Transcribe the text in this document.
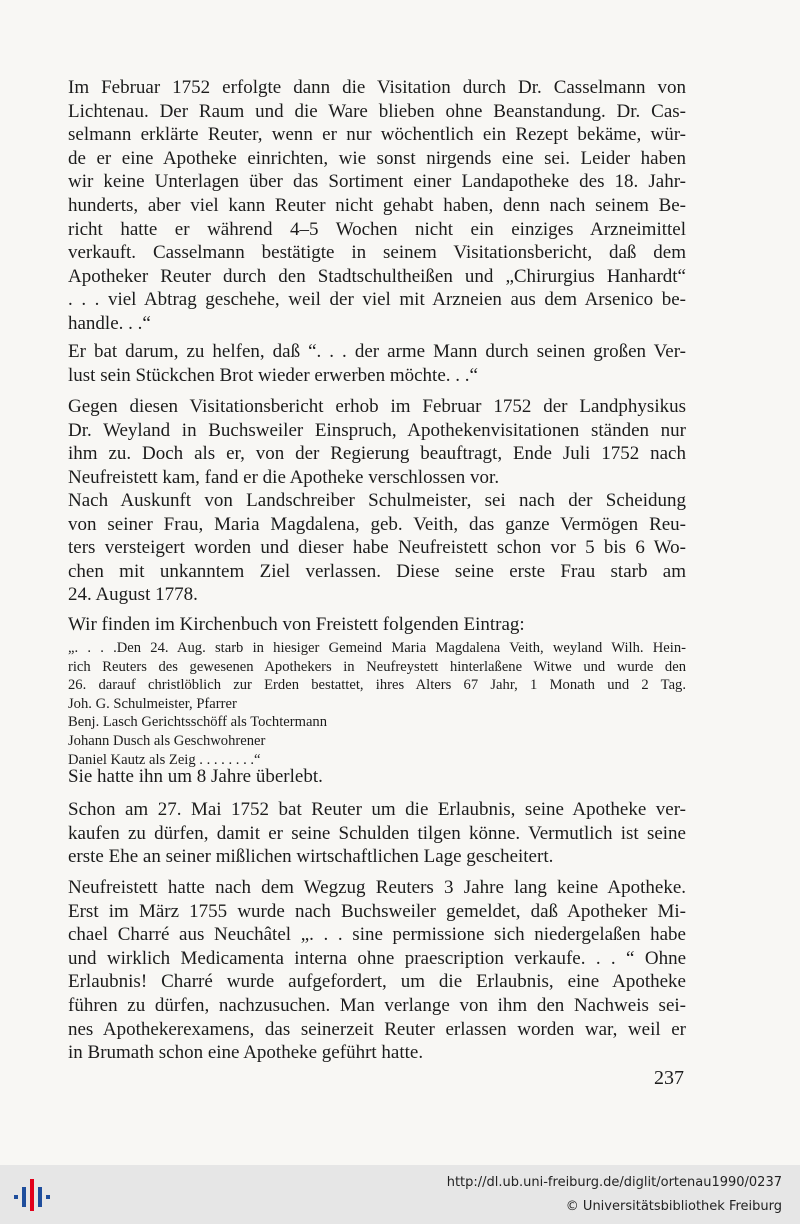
Im Februar 1752 erfolgte dann die Visitation durch Dr. Casselmann von
Lichtenau. Der Raum und die Ware blieben ohne Beanstandung. Dr. Cas-
selmann erklärte Reuter, wenn er nur wöchentlich ein Rezept bekäme, wür-
de er eine Apotheke einrichten, wie sonst nirgends eine sei. Leider haben
wir keine Unterlagen über das Sortiment einer Landapotheke des 18. Jahr-
hunderts, aber viel kann Reuter nicht gehabt haben, denn nach seinem Be-
richt hatte er während 4–5 Wochen nicht ein einziges Arzneimittel
verkauft. Casselmann bestätigte in seinem Visitationsbericht, daß dem
Apotheker Reuter durch den Stadtschultheißen und „Chirurgius Hanhardt“
. . . viel Abtrag geschehe, weil der viel mit Arzneien aus dem Arsenico be-
handle. . .“

Er bat darum, zu helfen, daß “. . . der arme Mann durch seinen großen Ver-
lust sein Stückchen Brot wieder erwerben möchte. . .“

Gegen diesen Visitationsbericht erhob im Februar 1752 der Landphysikus
Dr. Weyland in Buchsweiler Einspruch, Apothekenvisitationen ständen nur
ihm zu. Doch als er, von der Regierung beauftragt, Ende Juli 1752 nach
Neufreistett kam, fand er die Apotheke verschlossen vor.

Nach Auskunft von Landschreiber Schulmeister, sei nach der Scheidung
von seiner Frau, Maria Magdalena, geb. Veith, das ganze Vermögen Reu-
ters versteigert worden und dieser habe Neufreistett schon vor 5 bis 6 Wo-
chen mit unkanntem Ziel verlassen. Diese seine erste Frau starb am
24. August 1778.

Wir finden im Kirchenbuch von Freistett folgenden Eintrag:

„. . . .Den 24. Aug. starb in hiesiger Gemeind Maria Magdalena Veith, weyland Wilh. Hein-
rich Reuters des gewesenen Apothekers in Neufreystett hinterlaßene Witwe und wurde den
26. darauf christlöblich zur Erden bestattet, ihres Alters 67 Jahr, 1 Monath und 2 Tag.
Joh. G. Schulmeister, Pfarrer
Benj. Lasch Gerichtsschöff als Tochtermann
Johann Dusch als Geschwohrener
Daniel Kautz als Zeig . . . . . . . .“

Sie hatte ihn um 8 Jahre überlebt.

Schon am 27. Mai 1752 bat Reuter um die Erlaubnis, seine Apotheke ver-
kaufen zu dürfen, damit er seine Schulden tilgen könne. Vermutlich ist seine
erste Ehe an seiner mißlichen wirtschaftlichen Lage gescheitert.

Neufreistett hatte nach dem Wegzug Reuters 3 Jahre lang keine Apotheke.
Erst im März 1755 wurde nach Buchsweiler gemeldet, daß Apotheker Mi-
chael Charré aus Neuchâtel „. . . sine permissione sich niedergelaßen habe
und wirklich Medicamenta interna ohne praescription verkaufe. . . “ Ohne
Erlaubnis! Charré wurde aufgefordert, um die Erlaubnis, eine Apotheke
führen zu dürfen, nachzusuchen. Man verlange von ihm den Nachweis sei-
nes Apothekerexamens, das seinerzeit Reuter erlassen worden war, weil er
in Brumath schon eine Apotheke geführt hatte.

237
http://dl.ub.uni-freiburg.de/diglit/ortenau1990/0237
© Universitätsbibliothek Freiburg
